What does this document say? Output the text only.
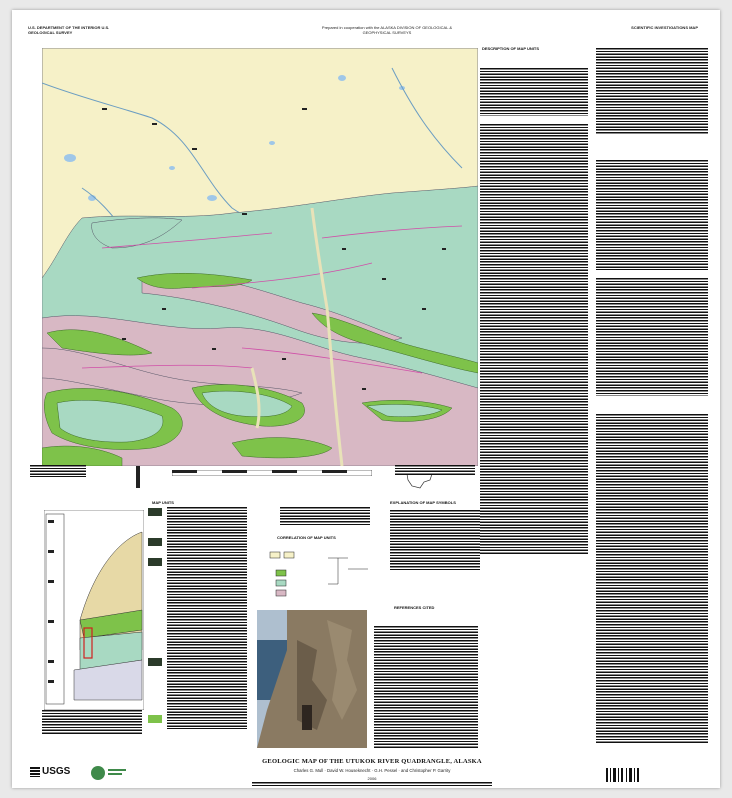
U.S. DEPARTMENT OF THE INTERIOR U.S. GEOLOGICAL SURVEY
Prepared in cooperation with the ALASKA DIVISION OF GEOLOGICAL & GEOPHYSICAL SURVEYS
SCIENTIFIC INVESTIGATIONS MAP
DESCRIPTION OF MAP UNITS
MAP UNITS
CORRELATION OF MAP UNITS
EXPLANATION OF MAP SYMBOLS
REFERENCES CITED
USGS
GEOLOGIC MAP OF THE UTUKOK RIVER QUADRANGLE, ALASKA
Charles G. Mull · David W. Houseknecht · G.H. Pessel · and Christopher P. Garrity
2006
